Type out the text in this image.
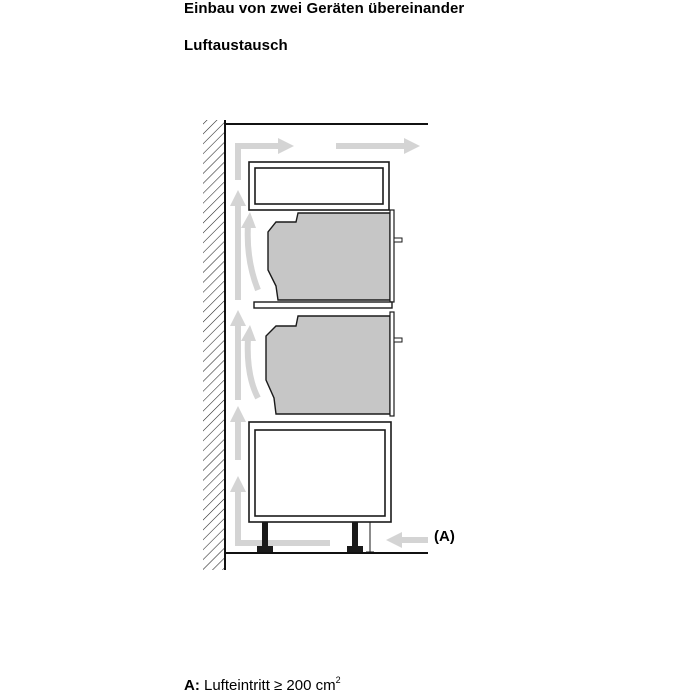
Einbau von zwei Geräten übereinander
Luftaustausch
(A)
A: Lufteintritt ≥ 200 $cm^2$
